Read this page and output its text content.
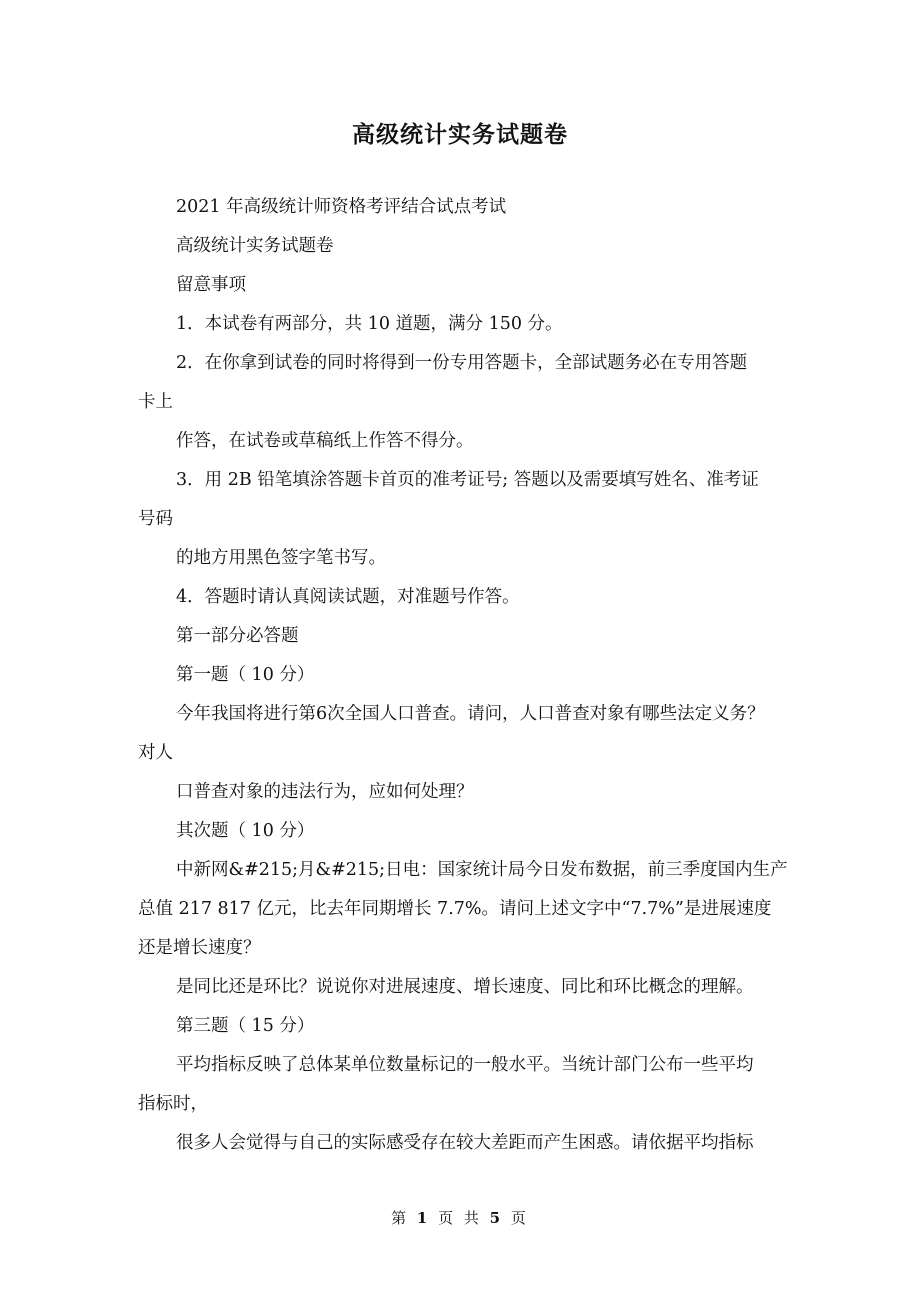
高级统计实务试题卷
2021 年高级统计师资格考评结合试点考试
高级统计实务试题卷
留意事项
1．本试卷有两部分，共 10 道题，满分 150 分。
2．在你拿到试卷的同时将得到一份专用答题卡，全部试题务必在专用答题
卡上
作答，在试卷或草稿纸上作答不得分。
3．用 2B 铅笔填涂答题卡首页的准考证号; 答题以及需要填写姓名、准考证
号码
的地方用黑色签字笔书写。
4．答题时请认真阅读试题，对准题号作答。
第一部分必答题
第一题（ 10 分）
今年我国将进行第6次全国人口普查。请问，人口普查对象有哪些法定义务？
对人
口普查对象的违法行为，应如何处理？
其次题（ 10 分）
中新网&#215;月&#215;日电：国家统计局今日发布数据，前三季度国内生产
总值 217 817 亿元，比去年同期增长 7.7%。请问上述文字中“7.7%”是进展速度
还是增长速度？
是同比还是环比？说说你对进展速度、增长速度、同比和环比概念的理解。
第三题（ 15 分）
平均指标反映了总体某单位数量标记的一般水平。当统计部门公布一些平均
指标时，
很多人会觉得与自己的实际感受存在较大差距而产生困惑。请依据平均指标
第 1 页 共 5 页
